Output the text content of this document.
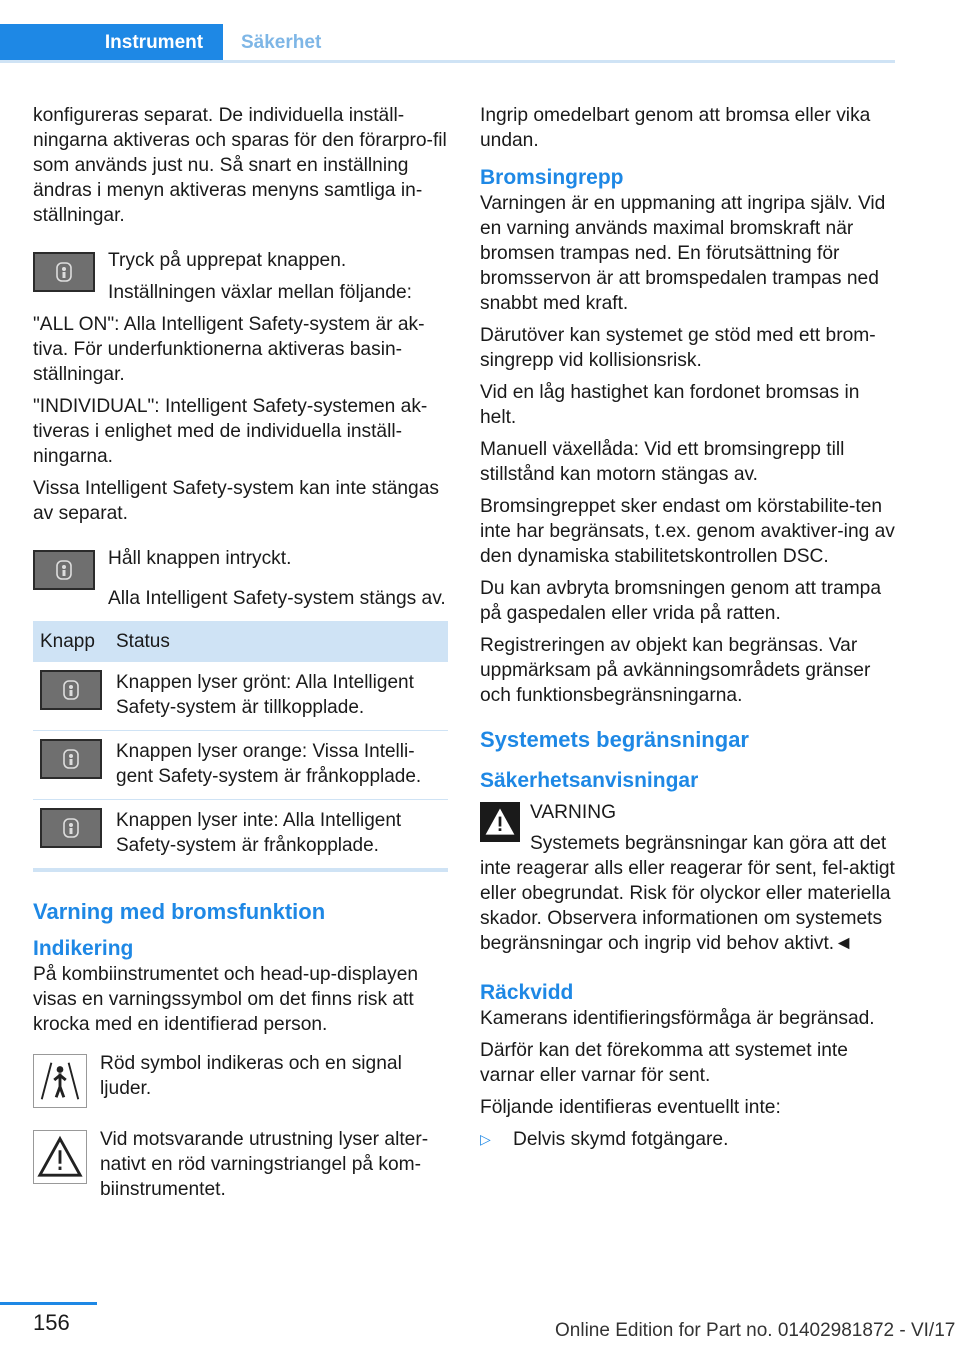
Instrument	Säkerhet

konfigureras separat. De individuella inställ-ningarna aktiveras och sparas för den förarpro-fil som används just nu. Så snart en inställning ändras i menyn aktiveras menyns samtliga in-ställningar.

Tryck på upprepat knappen.

Inställningen växlar mellan följande:

"ALL ON": Alla Intelligent Safety-system är ak-tiva. För underfunktionerna aktiveras basin-ställningar.

"INDIVIDUAL": Intelligent Safety-systemen ak-tiveras i enlighet med de individuella inställ-ningarna.

Vissa Intelligent Safety-system kan inte stängas av separat.

Håll knappen intryckt.

Alla Intelligent Safety-system stängs av.

Knapp	Status

	Knappen lyser grönt: Alla Intelligent Safety-system är tillkopplade.

	Knappen lyser orange: Vissa Intelli-gent Safety-system är frånkopplade.

	Knappen lyser inte: Alla Intelligent Safety-system är frånkopplade.
Varning med bromsfunktion
Indikering

På kombiinstrumentet och head-up-displayen visas en varningssymbol om det finns risk att krocka med en identifierad person.

Röd symbol indikeras och en signal ljuder.

Vid motsvarande utrustning lyser alter-nativt en röd varningstriangel på kom-biinstrumentet.

Ingrip omedelbart genom att bromsa eller vika undan.

Bromsingrepp

Varningen är en uppmaning att ingripa själv. Vid en varning används maximal bromskraft när bromsen trampas ned. En förutsättning för bromsservon är att bromspedalen trampas ned snabbt med kraft.

Därutöver kan systemet ge stöd med ett brom-singrepp vid kollisionsrisk.

Vid en låg hastighet kan fordonet bromsas in helt.

Manuell växellåda: Vid ett bromsingrepp till stillstånd kan motorn stängas av.

Bromsingreppet sker endast om körstabilite-ten inte har begränsats, t.ex. genom avaktiver-ing av den dynamiska stabilitetskontrollen DSC.

Du kan avbryta bromsningen genom att trampa på gaspedalen eller vrida på ratten.

Registreringen av objekt kan begränsas. Var uppmärksam på avkänningsområdets gränser och funktionsbegränsningarna.

Systemets begränsningar
Säkerhetsanvisningar

VARNING

Systemets begränsningar kan göra att det inte reagerar alls eller reagerar för sent, fel-aktigt eller obegrundat. Risk för olyckor eller materiella skador. Observera informationen om systemets begränsningar och ingrip vid behov aktivt.◄

Räckvidd

Kamerans identifieringsförmåga är begränsad.

Därför kan det förekomma att systemet inte varnar eller varnar för sent.

Följande identifieras eventuellt inte:

▷ Delvis skymd fotgängare.
156	Online Edition for Part no. 01402981872 - VI/17
